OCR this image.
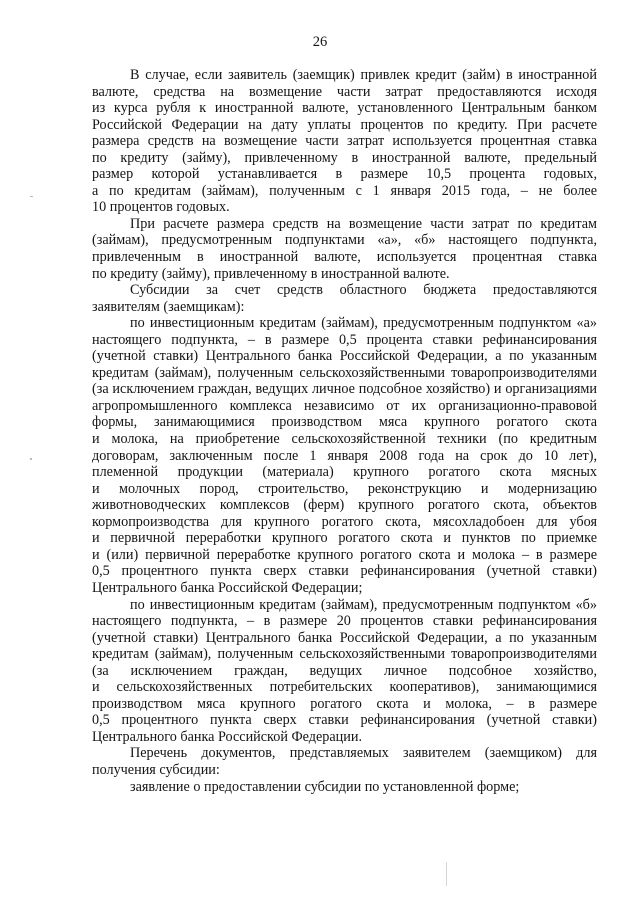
26

В случае, если заявитель (заемщик) привлек кредит (займ) в иностранной
валюте, средства на возмещение части затрат предоставляются исходя
из курса рубля к иностранной валюте, установленного Центральным банком
Российской Федерации на дату уплаты процентов по кредиту. При расчете
размера средств на возмещение части затрат используется процентная ставка
по кредиту (займу), привлеченному в иностранной валюте, предельный
размер которой устанавливается в размере 10,5 процента годовых,
а по кредитам (займам), полученным с 1 января 2015 года, – не более
10 процентов годовых.

При расчете размера средств на возмещение части затрат по кредитам
(займам), предусмотренным подпунктами «а», «б» настоящего подпункта,
привлеченным в иностранной валюте, используется процентная ставка
по кредиту (займу), привлеченному в иностранной валюте.

Субсидии за счет средств областного бюджета предоставляются
заявителям (заемщикам):

по инвестиционным кредитам (займам), предусмотренным подпунктом «а»
настоящего подпункта, – в размере 0,5 процента ставки рефинансирования
(учетной ставки) Центрального банка Российской Федерации, а по указанным
кредитам (займам), полученным сельскохозяйственными товаропроизводителями
(за исключением граждан, ведущих личное подсобное хозяйство) и организациями
агропромышленного комплекса независимо от их организационно-правовой
формы, занимающимися производством мяса крупного рогатого скота
и молока, на приобретение сельскохозяйственной техники (по кредитным
договорам, заключенным после 1 января 2008 года на срок до 10 лет),
племенной продукции (материала) крупного рогатого скота мясных
и молочных пород, строительство, реконструкцию и модернизацию
животноводческих комплексов (ферм) крупного рогатого скота, объектов
кормопроизводства для крупного рогатого скота, мясохладобоен для убоя
и первичной переработки крупного рогатого скота и пунктов по приемке
и (или) первичной переработке крупного рогатого скота и молока – в размере
0,5 процентного пункта сверх ставки рефинансирования (учетной ставки)
Центрального банка Российской Федерации;

по инвестиционным кредитам (займам), предусмотренным подпунктом «б»
настоящего подпункта, – в размере 20 процентов ставки рефинансирования
(учетной ставки) Центрального банка Российской Федерации, а по указанным
кредитам (займам), полученным сельскохозяйственными товаропроизводителями
(за исключением граждан, ведущих личное подсобное хозяйство,
и сельскохозяйственных потребительских кооперативов), занимающимися
производством мяса крупного рогатого скота и молока, – в размере
0,5 процентного пункта сверх ставки рефинансирования (учетной ставки)
Центрального банка Российской Федерации.

Перечень документов, представляемых заявителем (заемщиком) для
получения субсидии:

заявление о предоставлении субсидии по установленной форме;
